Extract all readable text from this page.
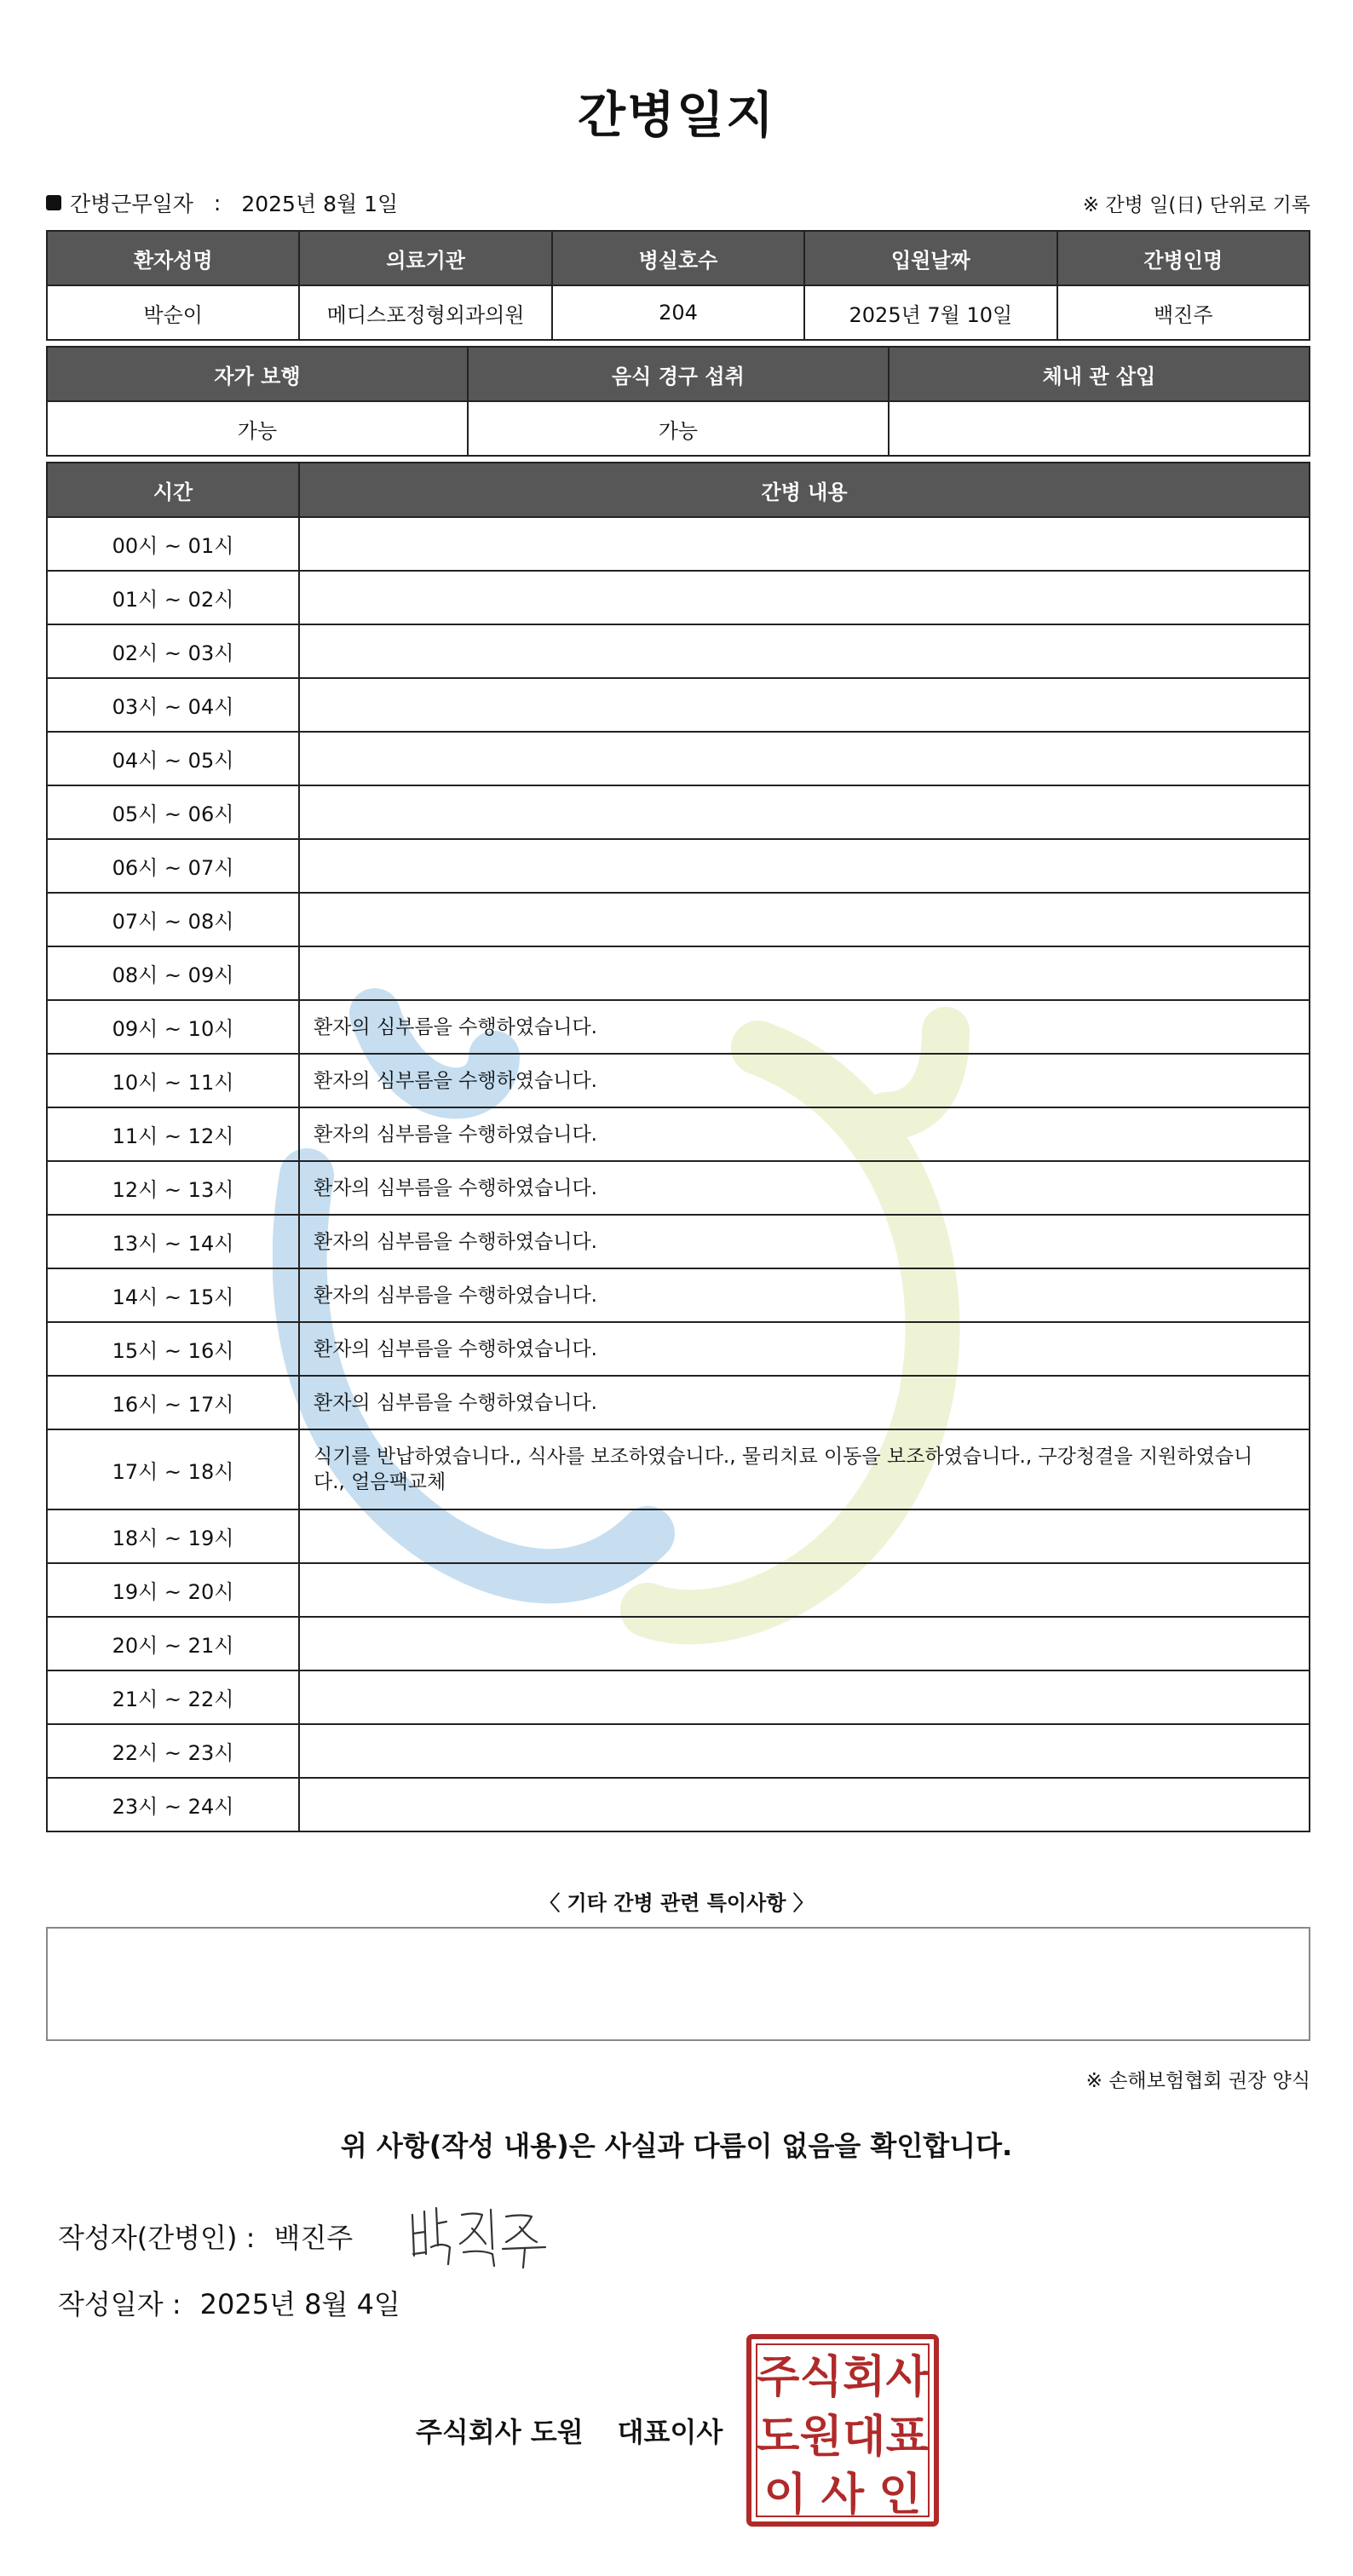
간병일지
간병근무일자 : 2025년 8월 1일	※ 간병 일(日) 단위로 기록
환자성명	의료기관	병실호수	입원날짜	간병인명
박순이	메디스포정형외과의원	204	2025년 7월 10일	백진주
자가 보행	음식 경구 섭취	체내 관 삽입
가능	가능	
시간	간병 내용
00시 ~ 01시	
01시 ~ 02시	
02시 ~ 03시	
03시 ~ 04시	
04시 ~ 05시	
05시 ~ 06시	
06시 ~ 07시	
07시 ~ 08시	
08시 ~ 09시	
09시 ~ 10시	환자의 심부름을 수행하였습니다.
10시 ~ 11시	환자의 심부름을 수행하였습니다.
11시 ~ 12시	환자의 심부름을 수행하였습니다.
12시 ~ 13시	환자의 심부름을 수행하였습니다.
13시 ~ 14시	환자의 심부름을 수행하였습니다.
14시 ~ 15시	환자의 심부름을 수행하였습니다.
15시 ~ 16시	환자의 심부름을 수행하였습니다.
16시 ~ 17시	환자의 심부름을 수행하였습니다.
17시 ~ 18시	식기를 반납하였습니다., 식사를 보조하였습니다., 물리치료 이동을 보조하였습니다., 구강청결을 지원하였습니다., 얼음팩교체
18시 ~ 19시	
19시 ~ 20시	
20시 ~ 21시	
21시 ~ 22시	
22시 ~ 23시	
23시 ~ 24시	
〈 기타 간병 관련 특이사항 〉
※ 손해보험협회 권장 양식
위 사항(작성 내용)은 사실과 다름이 없음을 확인합니다.
작성자(간병인) : 백진주
작성일자 : 2025년 8월 4일
주식회사 도원 대표이사
주 식 회 사
도 원 대 표
이 사 인
